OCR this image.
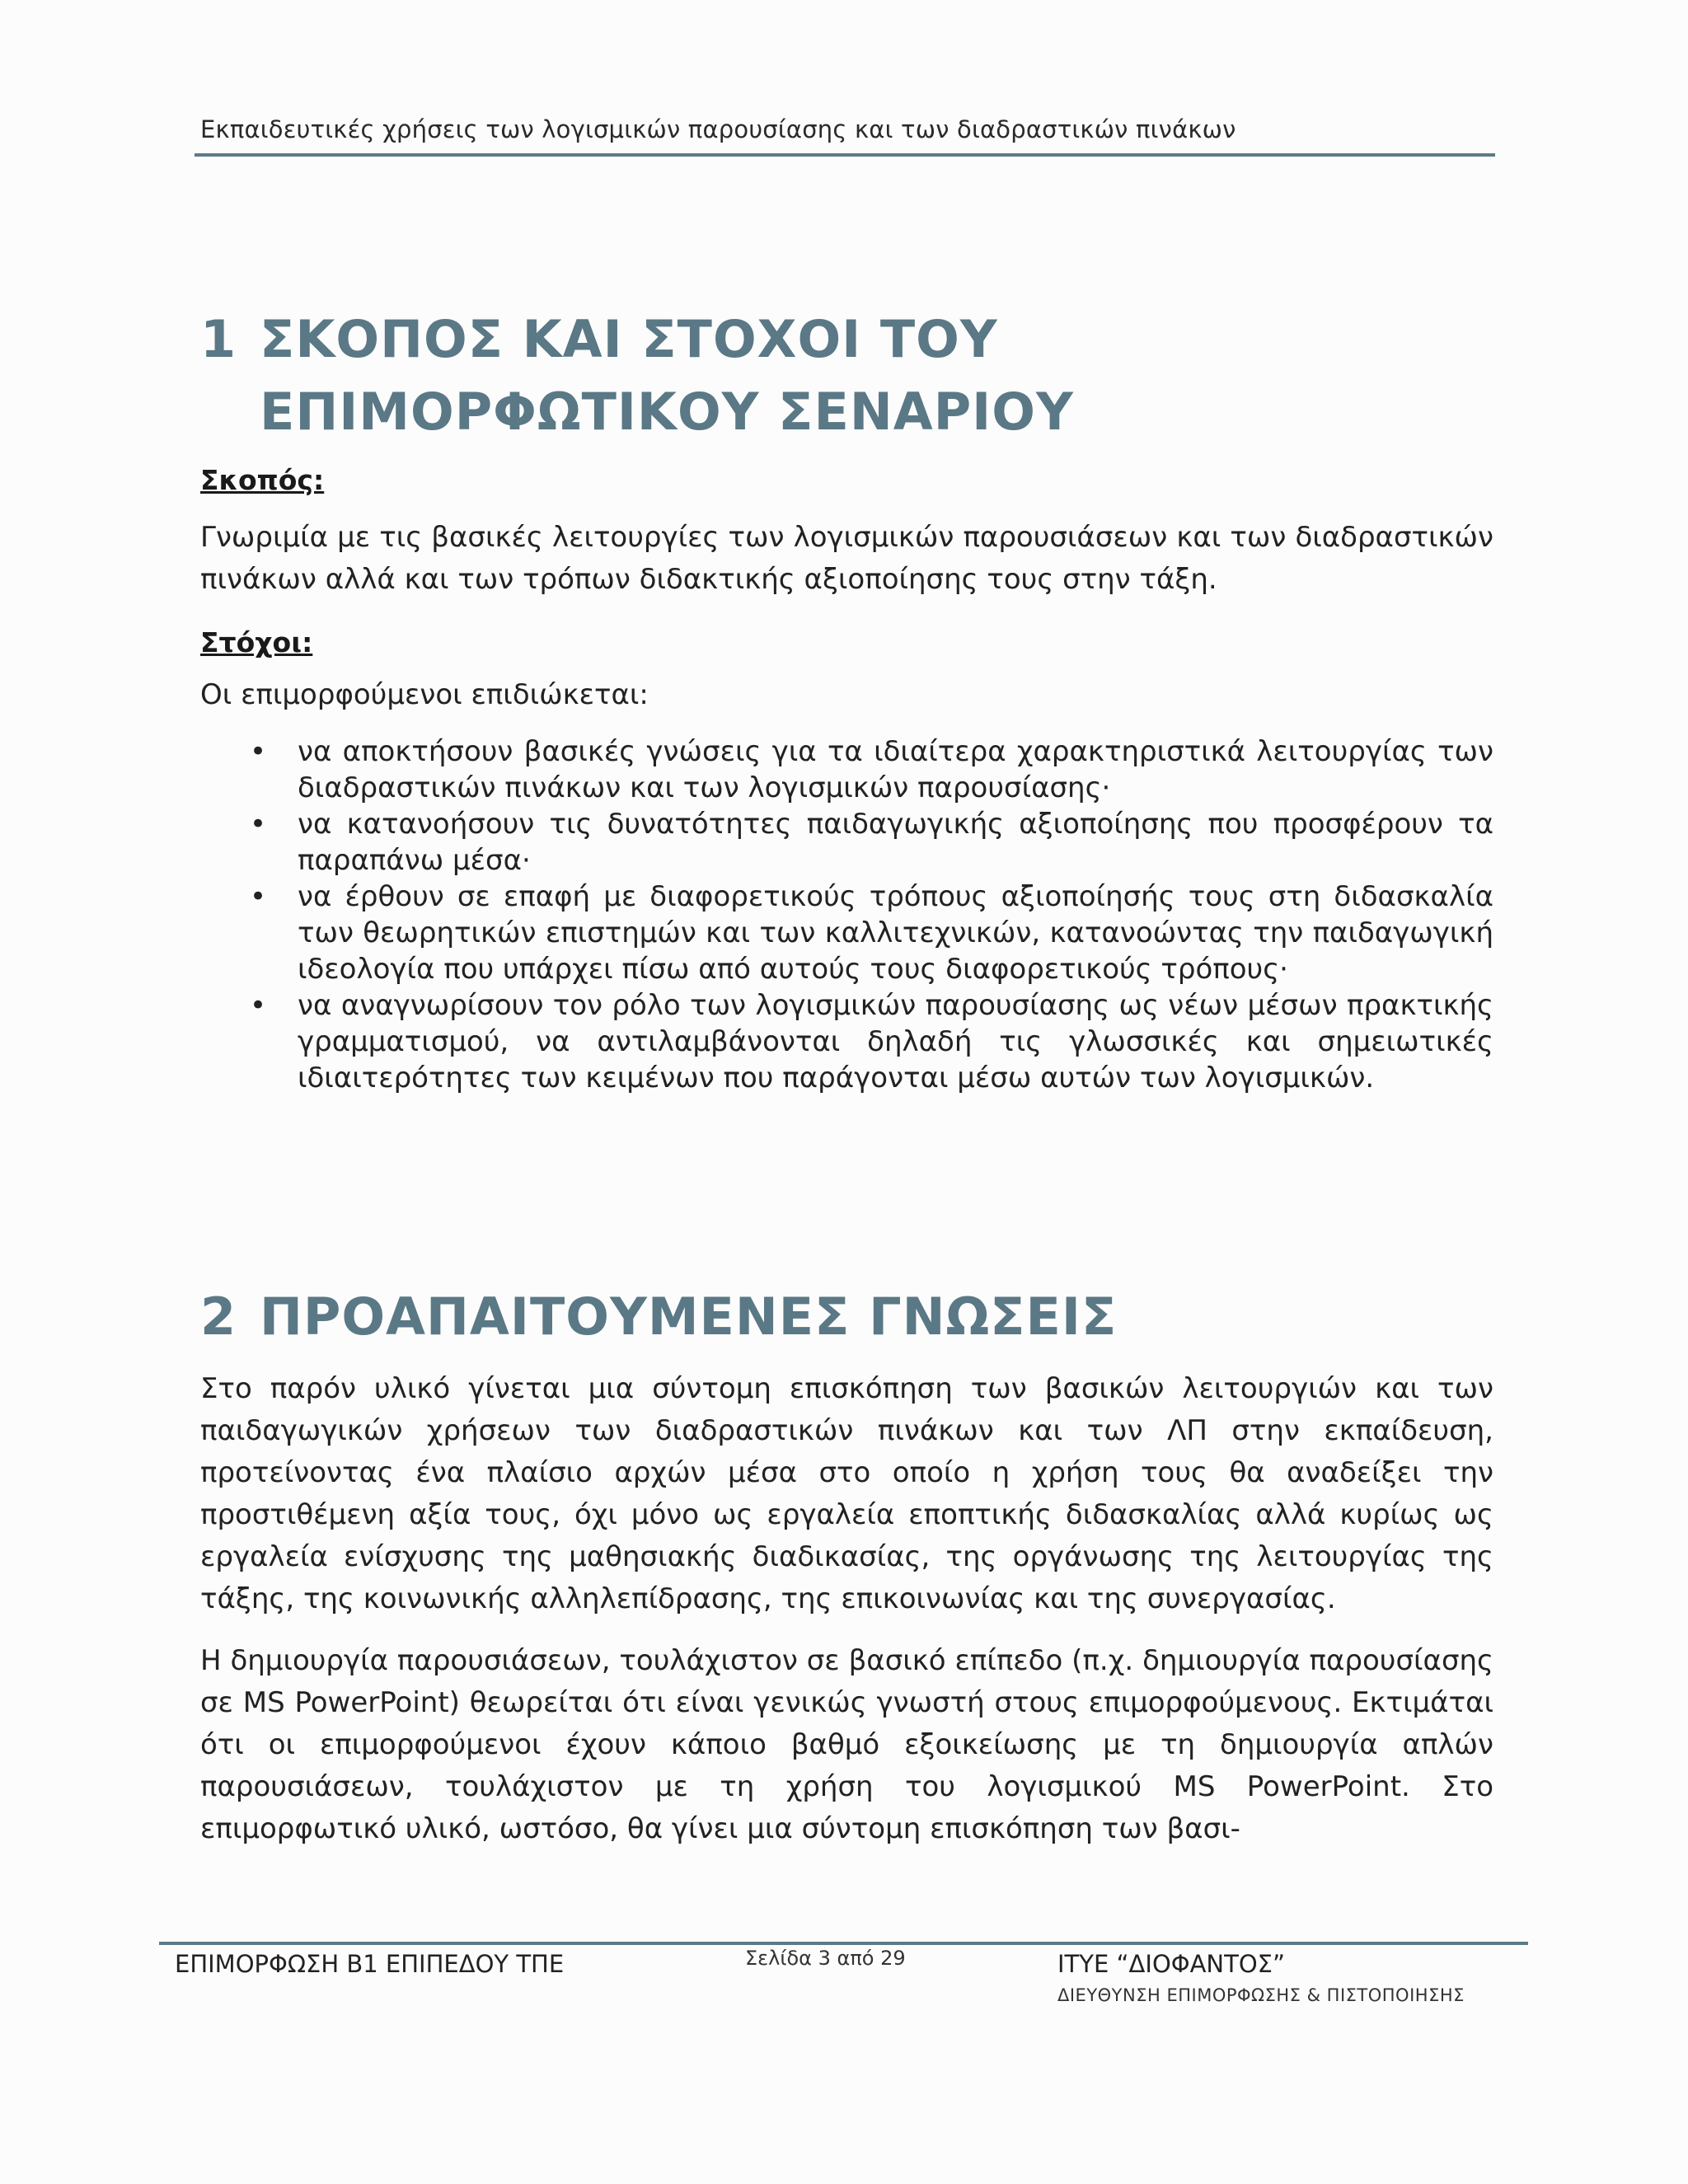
Εκπαιδευτικές χρήσεις των λογισμικών παρουσίασης και των διαδραστικών πινάκων
1 ΣΚΟΠΟΣ ΚΑΙ ΣΤΟΧΟΙ ΤΟΥ ΕΠΙΜΟΡΦΩΤΙΚΟΥ ΣΕΝΑΡΙΟΥ
Σκοπός:

Γνωριμία με τις βασικές λειτουργίες των λογισμικών παρουσιάσεων και των διαδραστικών πινάκων αλλά και των τρόπων διδακτικής αξιοποίησης τους στην τάξη.

Στόχοι:

Οι επιμορφούμενοι επιδιώκεται:

• να αποκτήσουν βασικές γνώσεις για τα ιδιαίτερα χαρακτηριστικά λειτουργίας των διαδραστικών πινάκων και των λογισμικών παρουσίασης·
• να κατανοήσουν τις δυνατότητες παιδαγωγικής αξιοποίησης που προσφέρουν τα παραπάνω μέσα·
• να έρθουν σε επαφή με διαφορετικούς τρόπους αξιοποίησής τους στη διδασκαλία των θεωρητικών επιστημών και των καλλιτεχνικών, κατανοώντας την παιδαγωγική ιδεολογία που υπάρχει πίσω από αυτούς τους διαφορετικούς τρόπους·
• να αναγνωρίσουν τον ρόλο των λογισμικών παρουσίασης ως νέων μέσων πρακτικής γραμματισμού, να αντιλαμβάνονται δηλαδή τις γλωσσικές και σημειωτικές ιδιαιτερότητες των κειμένων που παράγονται μέσω αυτών των λογισμικών.
2 ΠΡΟΑΠΑΙΤΟΥΜΕΝΕΣ ΓΝΩΣΕΙΣ

Στο παρόν υλικό γίνεται μια σύντομη επισκόπηση των βασικών λειτουργιών και των παιδαγωγικών χρήσεων των διαδραστικών πινάκων και των ΛΠ στην εκπαίδευση, προτείνοντας ένα πλαίσιο αρχών μέσα στο οποίο η χρήση τους θα αναδείξει την προστιθέμενη αξία τους, όχι μόνο ως εργαλεία εποπτικής διδασκαλίας αλλά κυρίως ως εργαλεία ενίσχυσης της μαθησιακής διαδικασίας, της οργάνωσης της λειτουργίας της τάξης, της κοινωνικής αλληλεπίδρασης, της επικοινωνίας και της συνεργασίας.

Η δημιουργία παρουσιάσεων, τουλάχιστον σε βασικό επίπεδο (π.χ. δημιουργία παρουσίασης σε MS PowerPoint) θεωρείται ότι είναι γενικώς γνωστή στους επιμορφούμενους. Εκτιμάται ότι οι επιμορφούμενοι έχουν κάποιο βαθμό εξοικείωσης με τη δημιουργία απλών παρουσιάσεων, τουλάχιστον με τη χρήση του λογισμικού MS PowerPoint. Στο επιμορφωτικό υλικό, ωστόσο, θα γίνει μια σύντομη επισκόπηση των βασι-

ΕΠΙΜΟΡΦΩΣΗ Β1 ΕΠΙΠΕΔΟΥ ΤΠΕ	Σελίδα 3 από 29	ΙΤΥΕ “ΔΙΟΦΑΝΤΟΣ”
ΔΙΕΥΘΥΝΣΗ ΕΠΙΜΟΡΦΩΣΗΣ & ΠΙΣΤΟΠΟΙΗΣΗΣ
